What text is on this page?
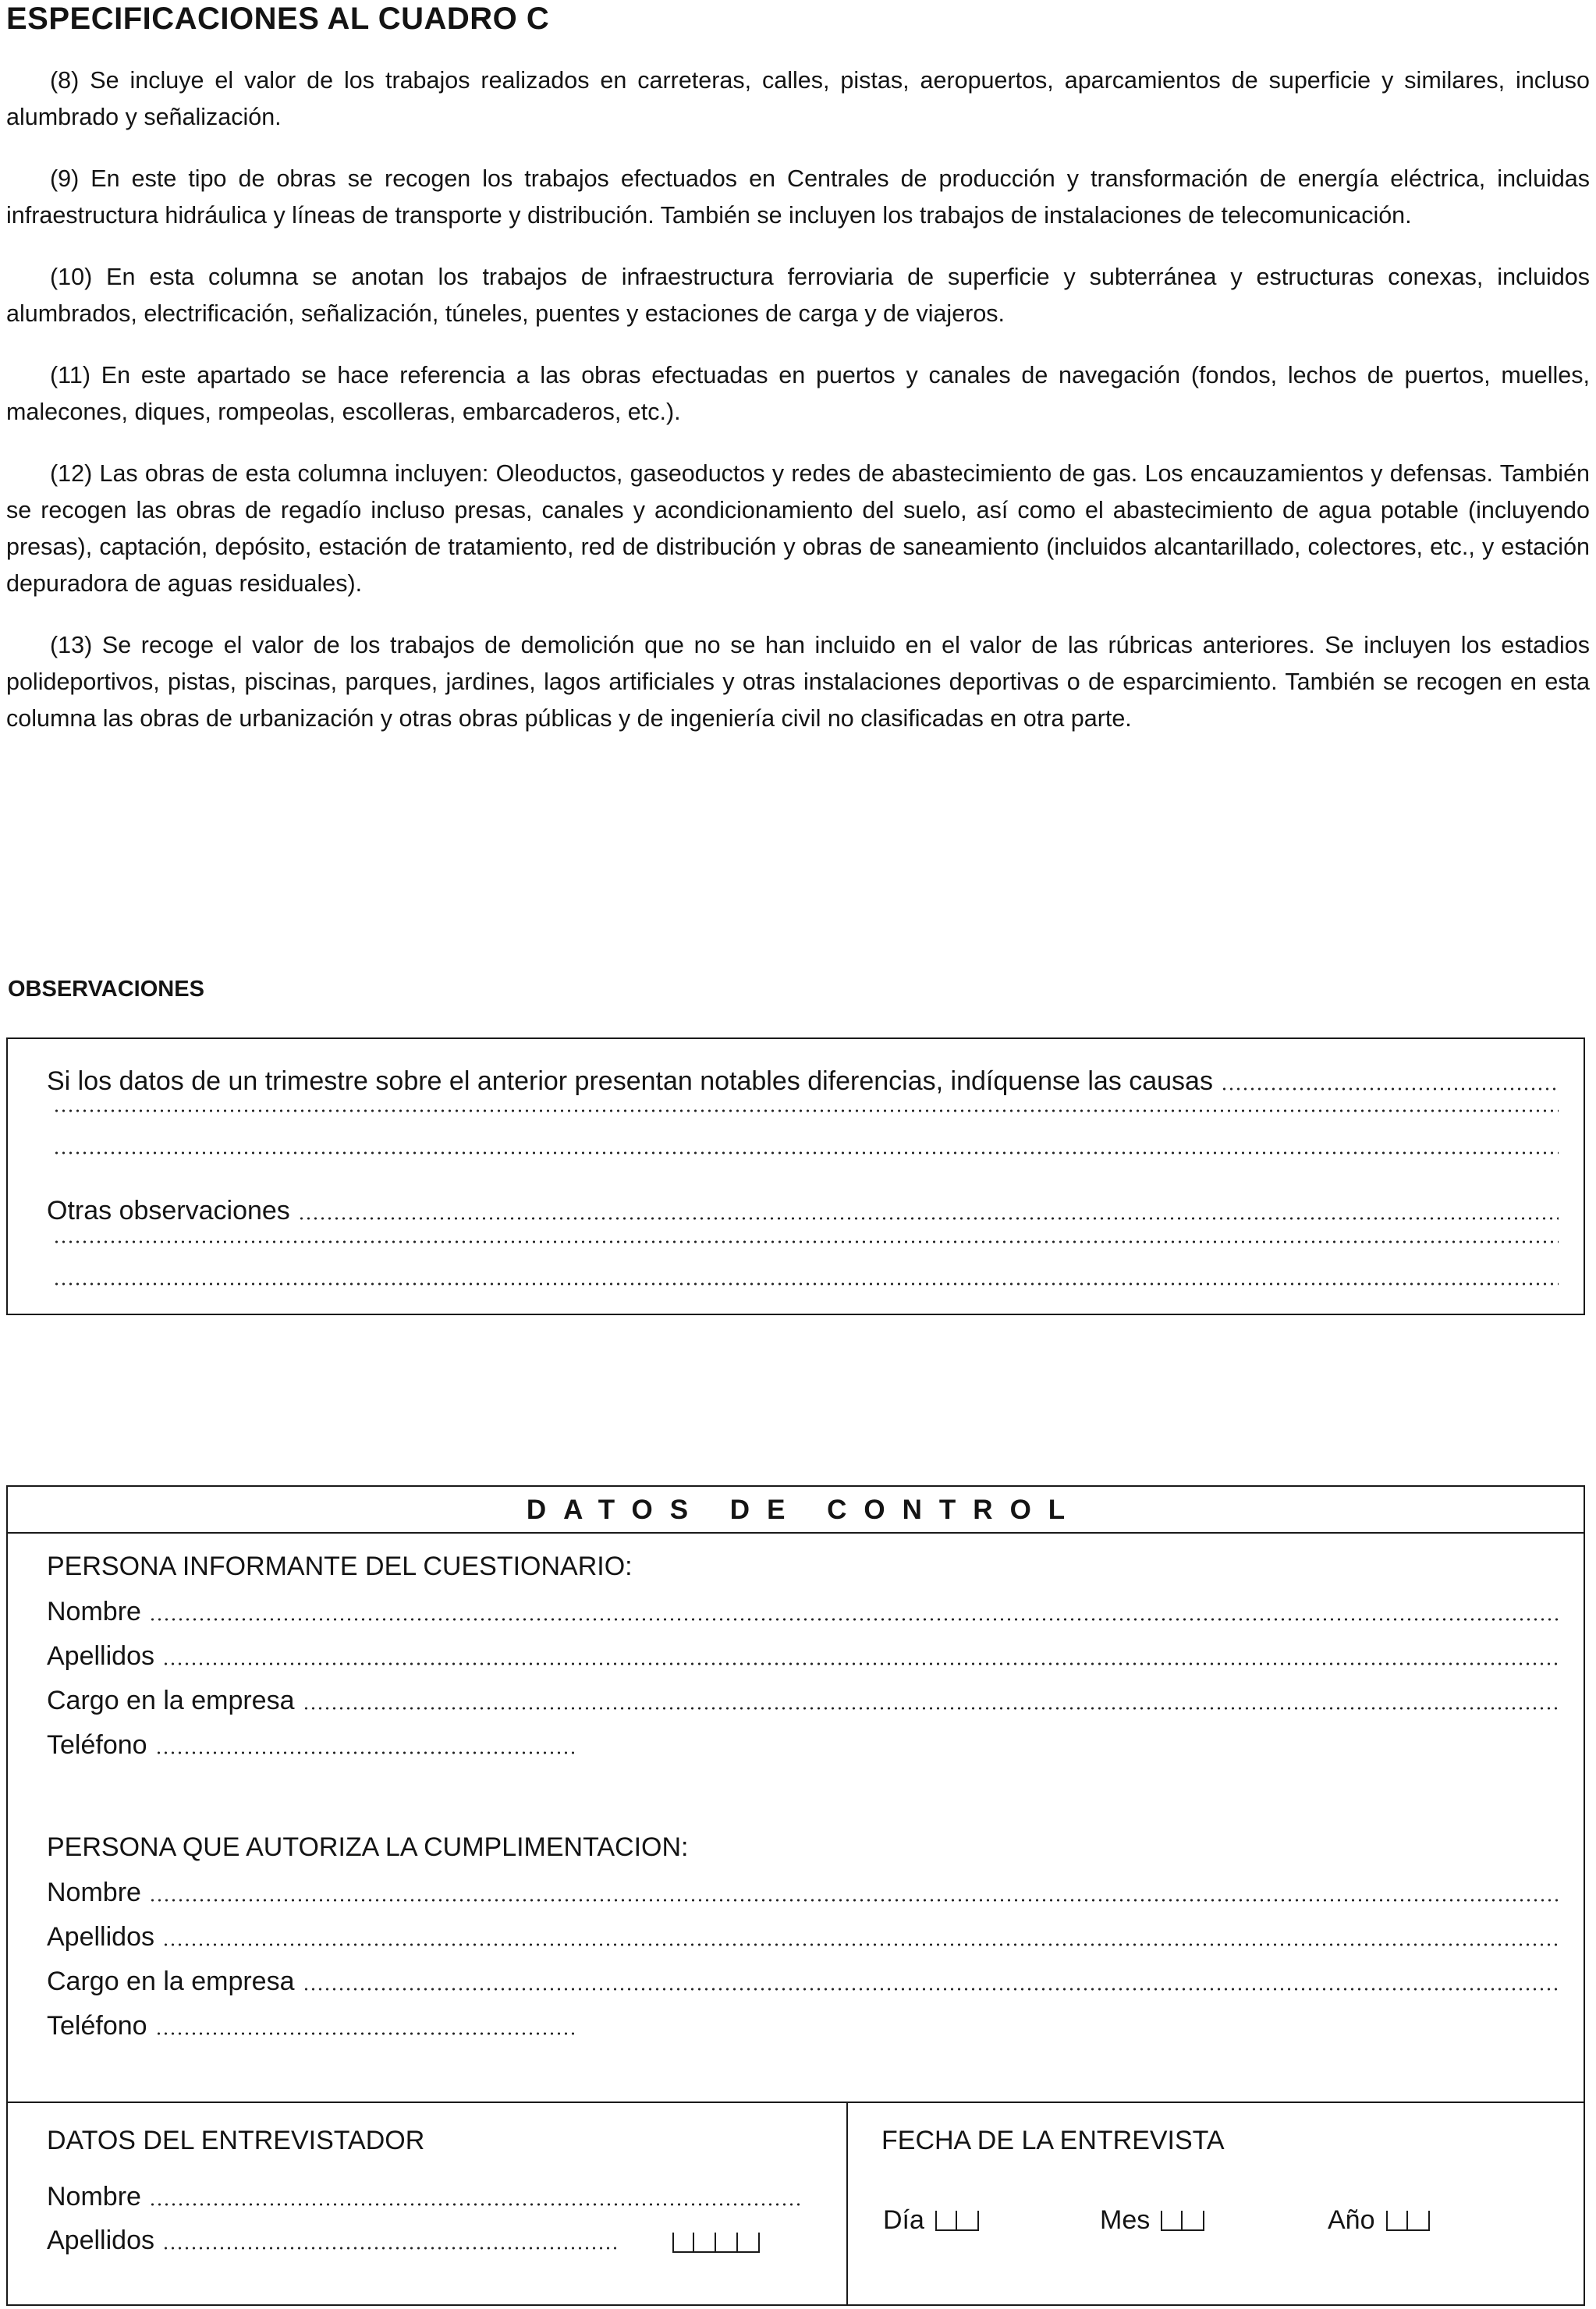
ESPECIFICACIONES AL CUADRO C

(8) Se incluye el valor de los trabajos realizados en carreteras, calles, pistas, aeropuertos, aparcamientos de superficie y similares, incluso alumbrado y señalización.

(9) En este tipo de obras se recogen los trabajos efectuados en Centrales de producción y transformación de energía eléctrica, incluidas infraestructura hidráulica y líneas de transporte y distribución. También se incluyen los trabajos de instalaciones de telecomunicación.

(10) En esta columna se anotan los trabajos de infraestructura ferroviaria de superficie y subterránea y estructuras conexas, incluidos alumbrados, electrificación, señalización, túneles, puentes y estaciones de carga y de viajeros.

(11) En este apartado se hace referencia a las obras efectuadas en puertos y canales de navegación (fondos, lechos de puertos, muelles, malecones, diques, rompeolas, escolleras, embarcaderos, etc.).

(12) Las obras de esta columna incluyen: Oleoductos, gaseoductos y redes de abastecimiento de gas. Los encauzamientos y defensas. También se recogen las obras de regadío incluso presas, canales y acondicionamiento del suelo, así como el abastecimiento de agua potable (incluyendo presas), captación, depósito, estación de tratamiento, red de distribución y obras de saneamiento (incluidos alcantarillado, colectores, etc., y estación depuradora de aguas residuales).

(13) Se recoge el valor de los trabajos de demolición que no se han incluido en el valor de las rúbricas anteriores. Se incluyen los estadios polideportivos, pistas, piscinas, parques, jardines, lagos artificiales y otras instalaciones deportivas o de esparcimiento. También se recogen en esta columna las obras de urbanización y otras obras públicas y de ingeniería civil no clasificadas en otra parte.

OBSERVACIONES
Si los datos de un trimestre sobre el anterior presentan notables diferencias, indíquense las causas
Otras observaciones
DATOS DE CONTROL
PERSONA INFORMANTE DEL CUESTIONARIO:
Nombre
Apellidos
Cargo en la empresa
Teléfono
PERSONA QUE AUTORIZA LA CUMPLIMENTACION:
Nombre
Apellidos
Cargo en la empresa
Teléfono
DATOS DEL ENTREVISTADOR
Nombre
Apellidos
FECHA DE LA ENTREVISTA
Día	Mes	Año
